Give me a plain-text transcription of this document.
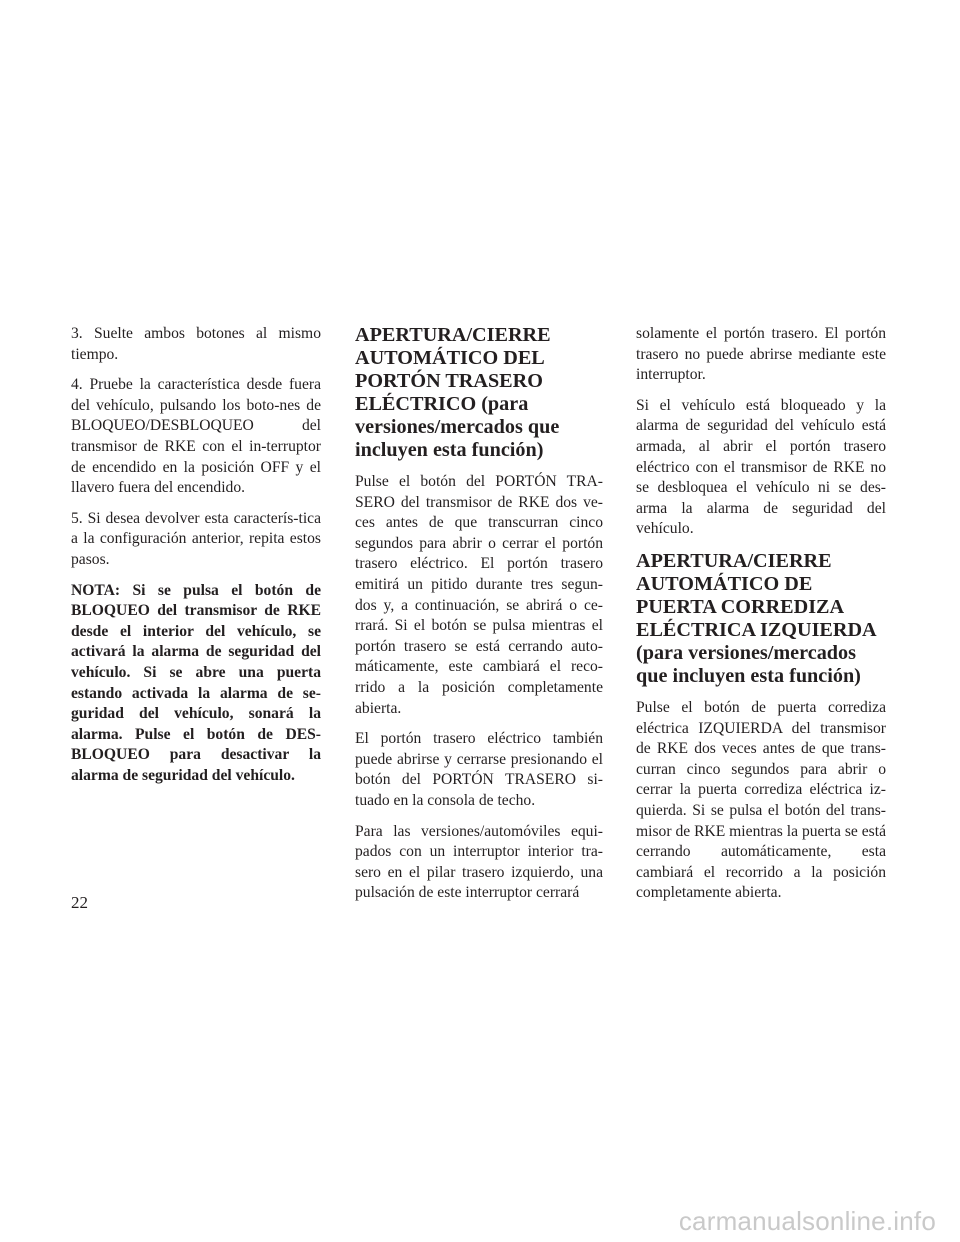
3. Suelte ambos botones al mismo tiempo.

4. Pruebe la característica desde fuera del vehículo, pulsando los boto-nes de BLOQUEO/DESBLOQUEO del transmisor de RKE con el in-terruptor de encendido en la posición OFF y el llavero fuera del encendido.

5. Si desea devolver esta caracterís-tica a la configuración anterior, repita estos pasos.

NOTA: Si se pulsa el botón de BLOQUEO del transmisor de RKE desde el interior del vehículo, se activará la alarma de seguridad del vehículo. Si se abre una puerta estando activada la alarma de se-guridad del vehículo, sonará la alarma. Pulse el botón de DES-BLOQUEO para desactivar la alarma de seguridad del vehículo.

APERTURA/CIERRE AUTOMÁTICO DEL PORTÓN TRASERO ELÉCTRICO (para versiones/mercados que incluyen esta función)

Pulse el botón del PORTÓN TRA-SERO del transmisor de RKE dos ve-ces antes de que transcurran cinco segundos para abrir o cerrar el portón trasero eléctrico. El portón trasero emitirá un pitido durante tres segun-dos y, a continuación, se abrirá o ce-rrará. Si el botón se pulsa mientras el portón trasero se está cerrando auto-máticamente, este cambiará el reco-rrido a la posición completamente abierta.

El portón trasero eléctrico también puede abrirse y cerrarse presionando el botón del PORTÓN TRASERO si-tuado en la consola de techo.

Para las versiones/automóviles equi-pados con un interruptor interior tra-sero en el pilar trasero izquierdo, una pulsación de este interruptor cerrará

solamente el portón trasero. El portón trasero no puede abrirse mediante este interruptor.

Si el vehículo está bloqueado y la alarma de seguridad del vehículo está armada, al abrir el portón trasero eléctrico con el transmisor de RKE no se desbloquea el vehículo ni se des-arma la alarma de seguridad del vehículo.

APERTURA/CIERRE AUTOMÁTICO DE PUERTA CORREDIZA ELÉCTRICA IZQUIERDA (para versiones/mercados que incluyen esta función)

Pulse el botón de puerta corrediza eléctrica IZQUIERDA del transmisor de RKE dos veces antes de que trans-curran cinco segundos para abrir o cerrar la puerta corrediza eléctrica iz-quierda. Si se pulsa el botón del trans-misor de RKE mientras la puerta se está cerrando automáticamente, esta cambiará el recorrido a la posición completamente abierta.

22
carmanualsonline.info
